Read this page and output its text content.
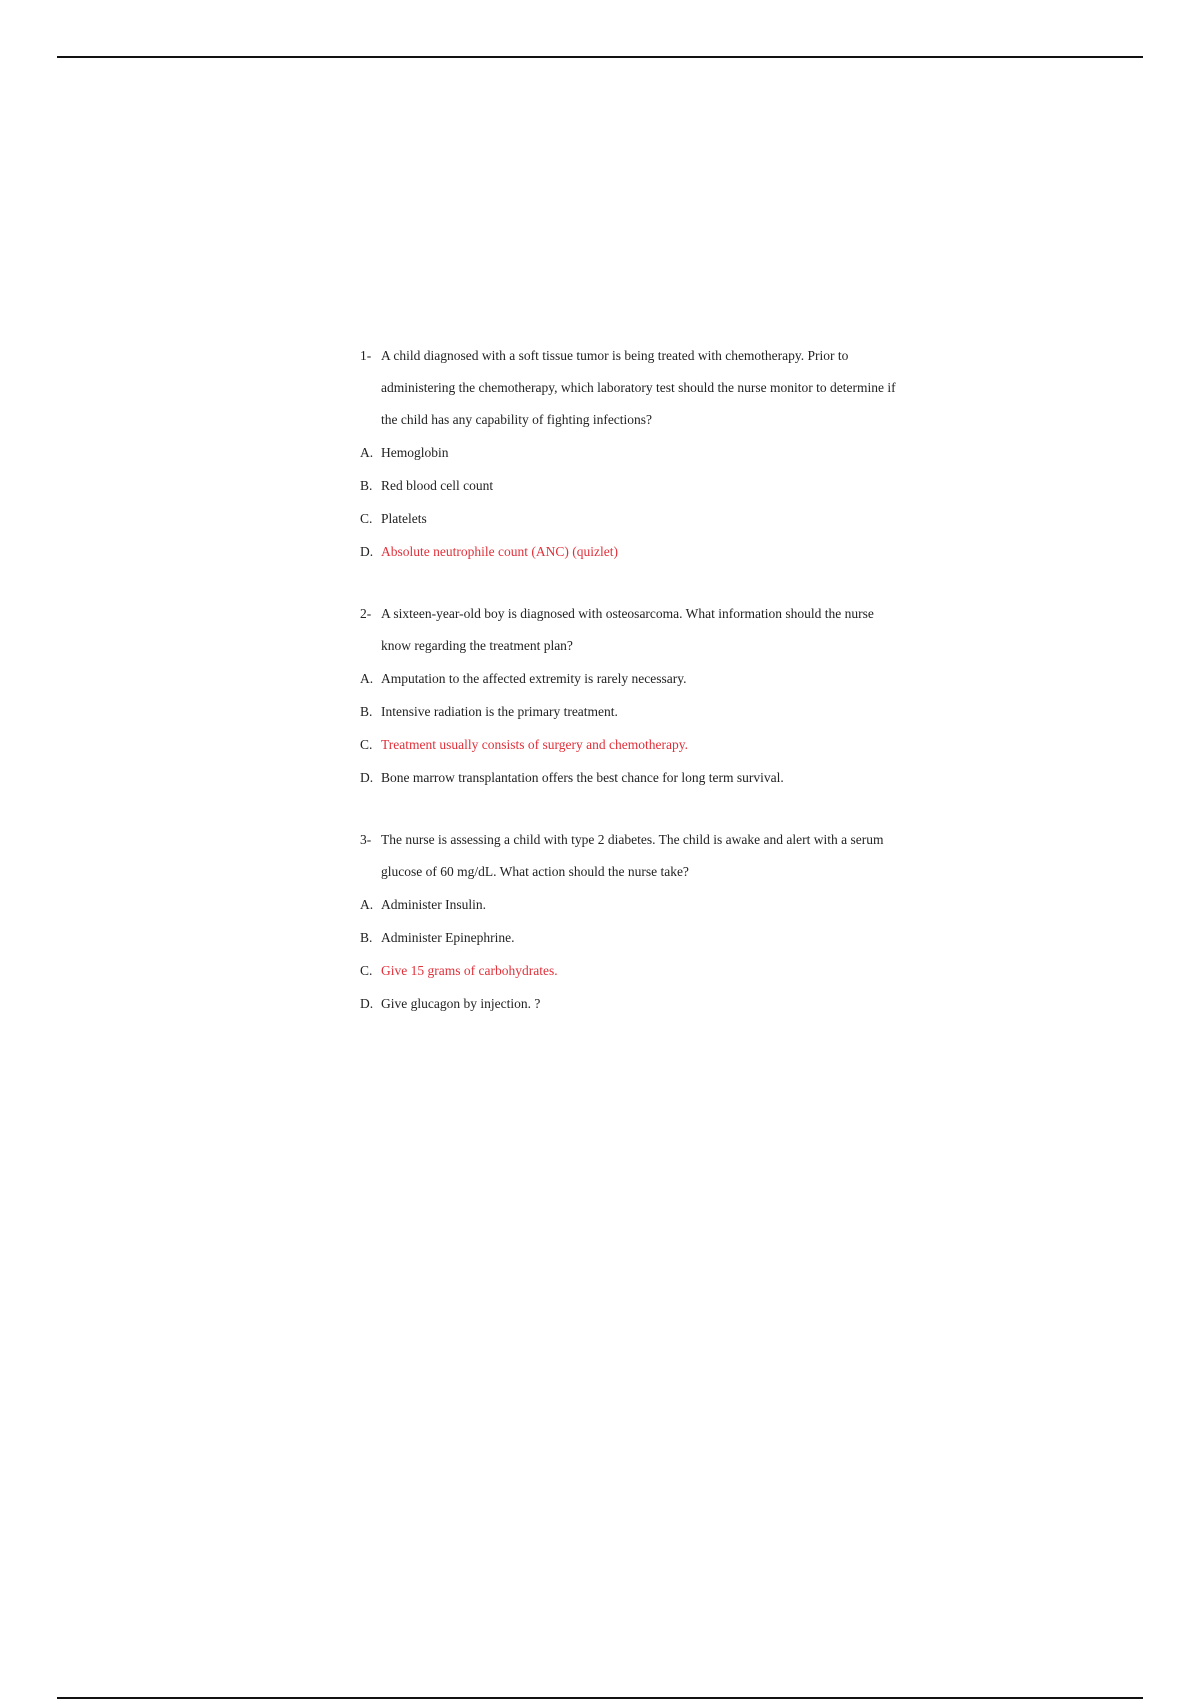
1- A child diagnosed with a soft tissue tumor is being treated with chemotherapy. Prior to administering the chemotherapy, which laboratory test should the nurse monitor to determine if the child has any capability of fighting infections?
A. Hemoglobin
B. Red blood cell count
C. Platelets
D. Absolute neutrophile count (ANC) (quizlet)
2- A sixteen-year-old boy is diagnosed with osteosarcoma. What information should the nurse know regarding the treatment plan?
A. Amputation to the affected extremity is rarely necessary.
B. Intensive radiation is the primary treatment.
C. Treatment usually consists of surgery and chemotherapy.
D. Bone marrow transplantation offers the best chance for long term survival.
3- The nurse is assessing a child with type 2 diabetes. The child is awake and alert with a serum glucose of 60 mg/dL. What action should the nurse take?
A. Administer Insulin.
B. Administer Epinephrine.
C. Give 15 grams of carbohydrates.
D. Give glucagon by injection. ?
